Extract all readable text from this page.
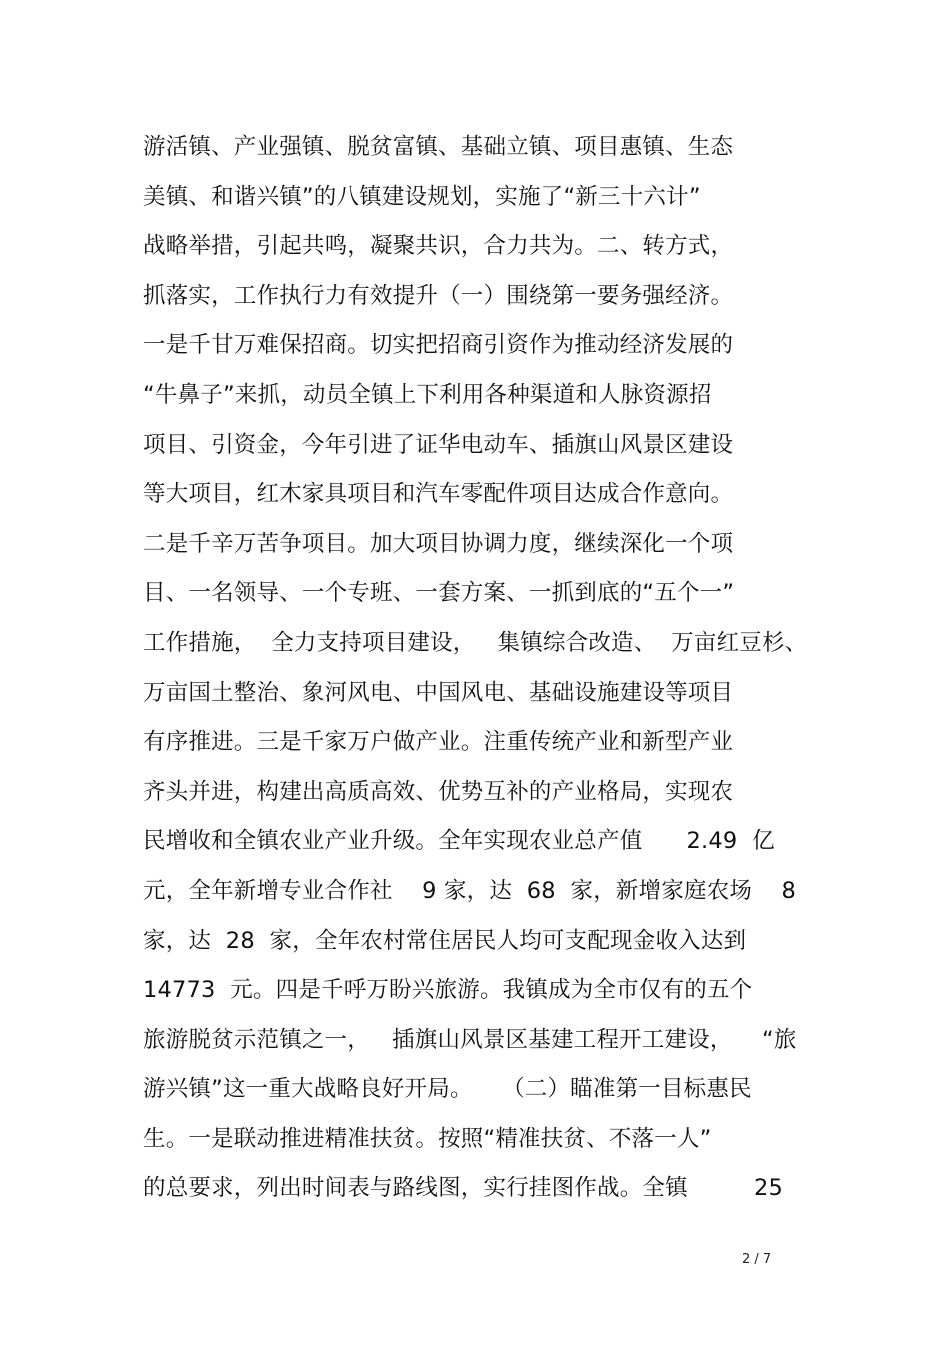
游活镇、产业强镇、脱贫富镇、基础立镇、项目惠镇、生态
美镇、和谐兴镇”的八镇建设规划，实施了“新三十六计”
战略举措，引起共鸣，凝聚共识，合力共为。二、转方式，
抓落实，工作执行力有效提升（一）围绕第一要务强经济。
一是千甘万难保招商。切实把招商引资作为推动经济发展的
“牛鼻子”来抓，动员全镇上下利用各种渠道和人脉资源招
项目、引资金，今年引进了证华电动车、插旗山风景区建设
等大项目，红木家具项目和汽车零配件项目达成合作意向。
二是千辛万苦争项目。加大项目协调力度，继续深化一个项
目、一名领导、一个专班、一套方案、一抓到底的“五个一”
工作措施，  全力支持项目建设，   集镇综合改造、  万亩红豆杉、
万亩国土整治、象河风电、中国风电、基础设施建设等项目
有序推进。三是千家万户做产业。注重传统产业和新型产业
齐头并进，构建出高质高效、优势互补的产业格局，实现农
民增收和全镇农业产业升级。全年实现农业总产值      2.49  亿
元，全年新增专业合作社    9 家，达  68  家，新增家庭农场    8
家，达  28  家，全年农村常住居民人均可支配现金收入达到
14773  元。四是千呼万盼兴旅游。我镇成为全市仅有的五个
旅游脱贫示范镇之一，   插旗山风景区基建工程开工建设，    “旅
游兴镇”这一重大战略良好开局。    （二）瞄准第一目标惠民
生。一是联动推进精准扶贫。按照“精准扶贫、不落一人”
的总要求，列出时间表与路线图，实行挂图作战。全镇         25
2 / 7
